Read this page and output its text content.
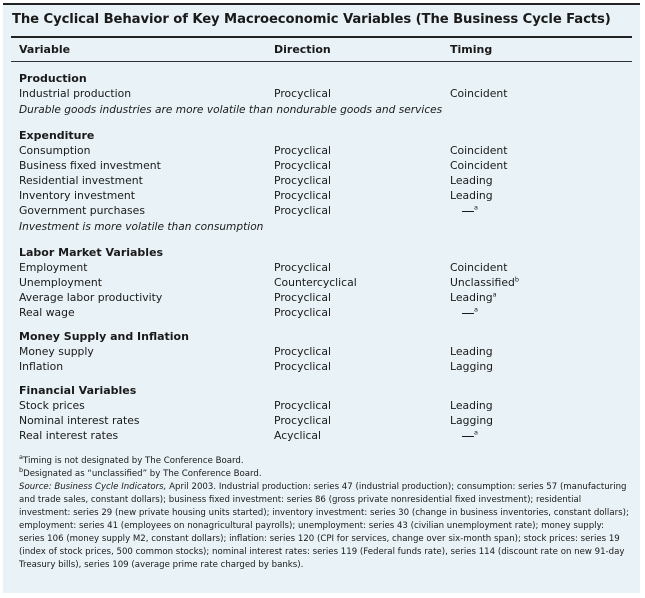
The Cyclical Behavior of Key Macroeconomic Variables (The Business Cycle Facts)
Variable	Direction	Timing
Production
Industrial production	Procyclical	Coincident
Durable goods industries are more volatile than nondurable goods and services
Expenditure
Consumption	Procyclical	Coincident
Business fixed investment	Procyclical	Coincident
Residential investment	Procyclical	Leading
Inventory investment	Procyclical	Leading
Government purchases	Procyclical	$^a$
Investment is more volatile than consumption
Labor Market Variables
Employment	Procyclical	Coincident
Unemployment	Countercyclical	Unclassified$^b$
Average labor productivity	Procyclical	Leading$^a$
Real wage	Procyclical	$^a$
Money Supply and Inflation
Money supply	Procyclical	Leading
Inflation	Procyclical	Lagging
Financial Variables
Stock prices	Procyclical	Leading
Nominal interest rates	Procyclical	Lagging
Real interest rates	Acyclical	$^a$

$^a$Timing is not designated by The Conference Board.

$^b$Designated as “unclassified” by The Conference Board.

Source: Business Cycle Indicators, April 2003. Industrial production: series 47 (industrial production); consumption: series 57 (manufacturing and trade sales, constant dollars); business fixed investment: series 86 (gross private nonresidential fixed investment); residential investment: series 29 (new private housing units started); inventory investment: series 30 (change in business inventories, constant dollars); employment: series 41 (employees on nonagricultural payrolls); unemployment: series 43 (civilian unemployment rate); money supply: series 106 (money supply M2, constant dollars); inflation: series 120 (CPI for services, change over six-month span); stock prices: series 19 (index of stock prices, 500 common stocks); nominal interest rates: series 119 (Federal funds rate), series 114 (discount rate on new 91-day Treasury bills), series 109 (average prime rate charged by banks).
